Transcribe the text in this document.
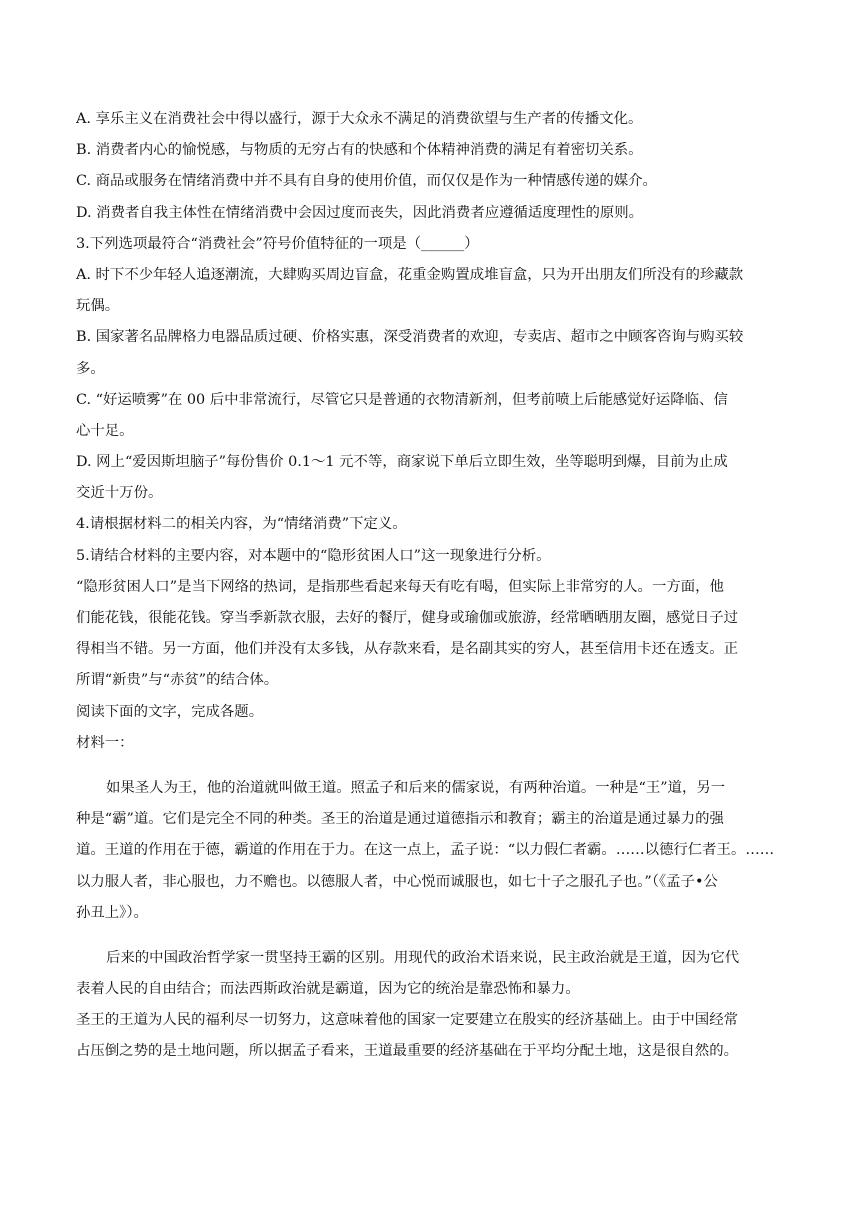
A. 享乐主义在消费社会中得以盛行，源于大众永不满足的消费欲望与生产者的传播文化。

B. 消费者内心的愉悦感，与物质的无穷占有的快感和个体精神消费的满足有着密切关系。

C. 商品或服务在情绪消费中并不具有自身的使用价值，而仅仅是作为一种情感传递的媒介。

D. 消费者自我主体性在情绪消费中会因过度而丧失，因此消费者应遵循适度理性的原则。

3.下列选项最符合“消费社会”符号价值特征的一项是（______）

A. 时下不少年轻人追逐潮流，大肆购买周边盲盒，花重金购置成堆盲盒，只为开出朋友们所没有的珍藏款

玩偶。

B. 国家著名品牌格力电器品质过硬、价格实惠，深受消费者的欢迎，专卖店、超市之中顾客咨询与购买较

多。

C. “好运喷雾”在 00 后中非常流行，尽管它只是普通的衣物清新剂，但考前喷上后能感觉好运降临、信

心十足。

D. 网上“爱因斯坦脑子”每份售价 0.1～1 元不等，商家说下单后立即生效，坐等聪明到爆，目前为止成

交近十万份。

4.请根据材料二的相关内容，为“情绪消费”下定义。

5.请结合材料的主要内容，对本题中的“隐形贫困人口”这一现象进行分析。

“隐形贫困人口”是当下网络的热词，是指那些看起来每天有吃有喝，但实际上非常穷的人。一方面，他

们能花钱，很能花钱。穿当季新款衣服，去好的餐厅，健身或瑜伽或旅游，经常晒晒朋友圈，感觉日子过

得相当不错。另一方面，他们并没有太多钱，从存款来看，是名副其实的穷人，甚至信用卡还在透支。正

所谓“新贵”与“赤贫”的结合体。

阅读下面的文字，完成各题。

材料一：

如果圣人为王，他的治道就叫做王道。照孟子和后来的儒家说，有两种治道。一种是“王”道，另一

种是“霸”道。它们是完全不同的种类。圣王的治道是通过道德指示和教育；霸主的治道是通过暴力的强

道。王道的作用在于德，霸道的作用在于力。在这一点上，孟子说：“以力假仁者霸。……以德行仁者王。……

以力服人者，非心服也，力不赡也。以德服人者，中心悦而诚服也，如七十子之服孔子也。”（《孟子•公

孙丑上》）。

后来的中国政治哲学家一贯坚持王霸的区别。用现代的政治术语来说，民主政治就是王道，因为它代

表着人民的自由结合；而法西斯政治就是霸道，因为它的统治是靠恐怖和暴力。

圣王的王道为人民的福利尽一切努力，这意味着他的国家一定要建立在殷实的经济基础上。由于中国经常

占压倒之势的是土地问题，所以据孟子看来，王道最重要的经济基础在于平均分配土地，这是很自然的。
